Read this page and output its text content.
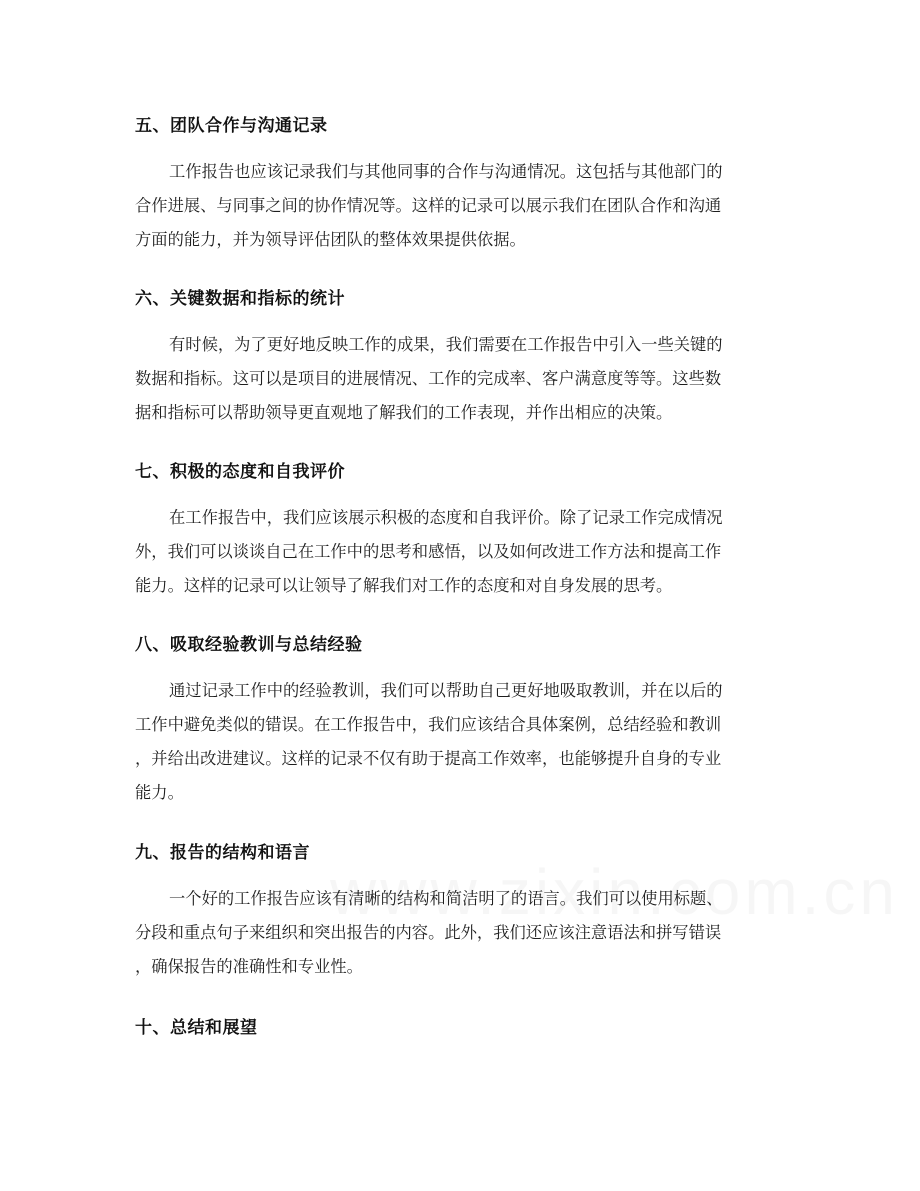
五、团队合作与沟通记录
工作报告也应该记录我们与其他同事的合作与沟通情况。这包括与其他部门的
合作进展、与同事之间的协作情况等。这样的记录可以展示我们在团队合作和沟通
方面的能力，并为领导评估团队的整体效果提供依据。
六、关键数据和指标的统计
有时候，为了更好地反映工作的成果，我们需要在工作报告中引入一些关键的
数据和指标。这可以是项目的进展情况、工作的完成率、客户满意度等等。这些数
据和指标可以帮助领导更直观地了解我们的工作表现，并作出相应的决策。
七、积极的态度和自我评价
在工作报告中，我们应该展示积极的态度和自我评价。除了记录工作完成情况
外，我们可以谈谈自己在工作中的思考和感悟，以及如何改进工作方法和提高工作
能力。这样的记录可以让领导了解我们对工作的态度和对自身发展的思考。
八、吸取经验教训与总结经验
通过记录工作中的经验教训，我们可以帮助自己更好地吸取教训，并在以后的
工作中避免类似的错误。在工作报告中，我们应该结合具体案例，总结经验和教训
，并给出改进建议。这样的记录不仅有助于提高工作效率，也能够提升自身的专业
能力。
九、报告的结构和语言
一个好的工作报告应该有清晰的结构和简洁明了的语言。我们可以使用标题、
分段和重点句子来组织和突出报告的内容。此外，我们还应该注意语法和拼写错误
，确保报告的准确性和专业性。
十、总结和展望
